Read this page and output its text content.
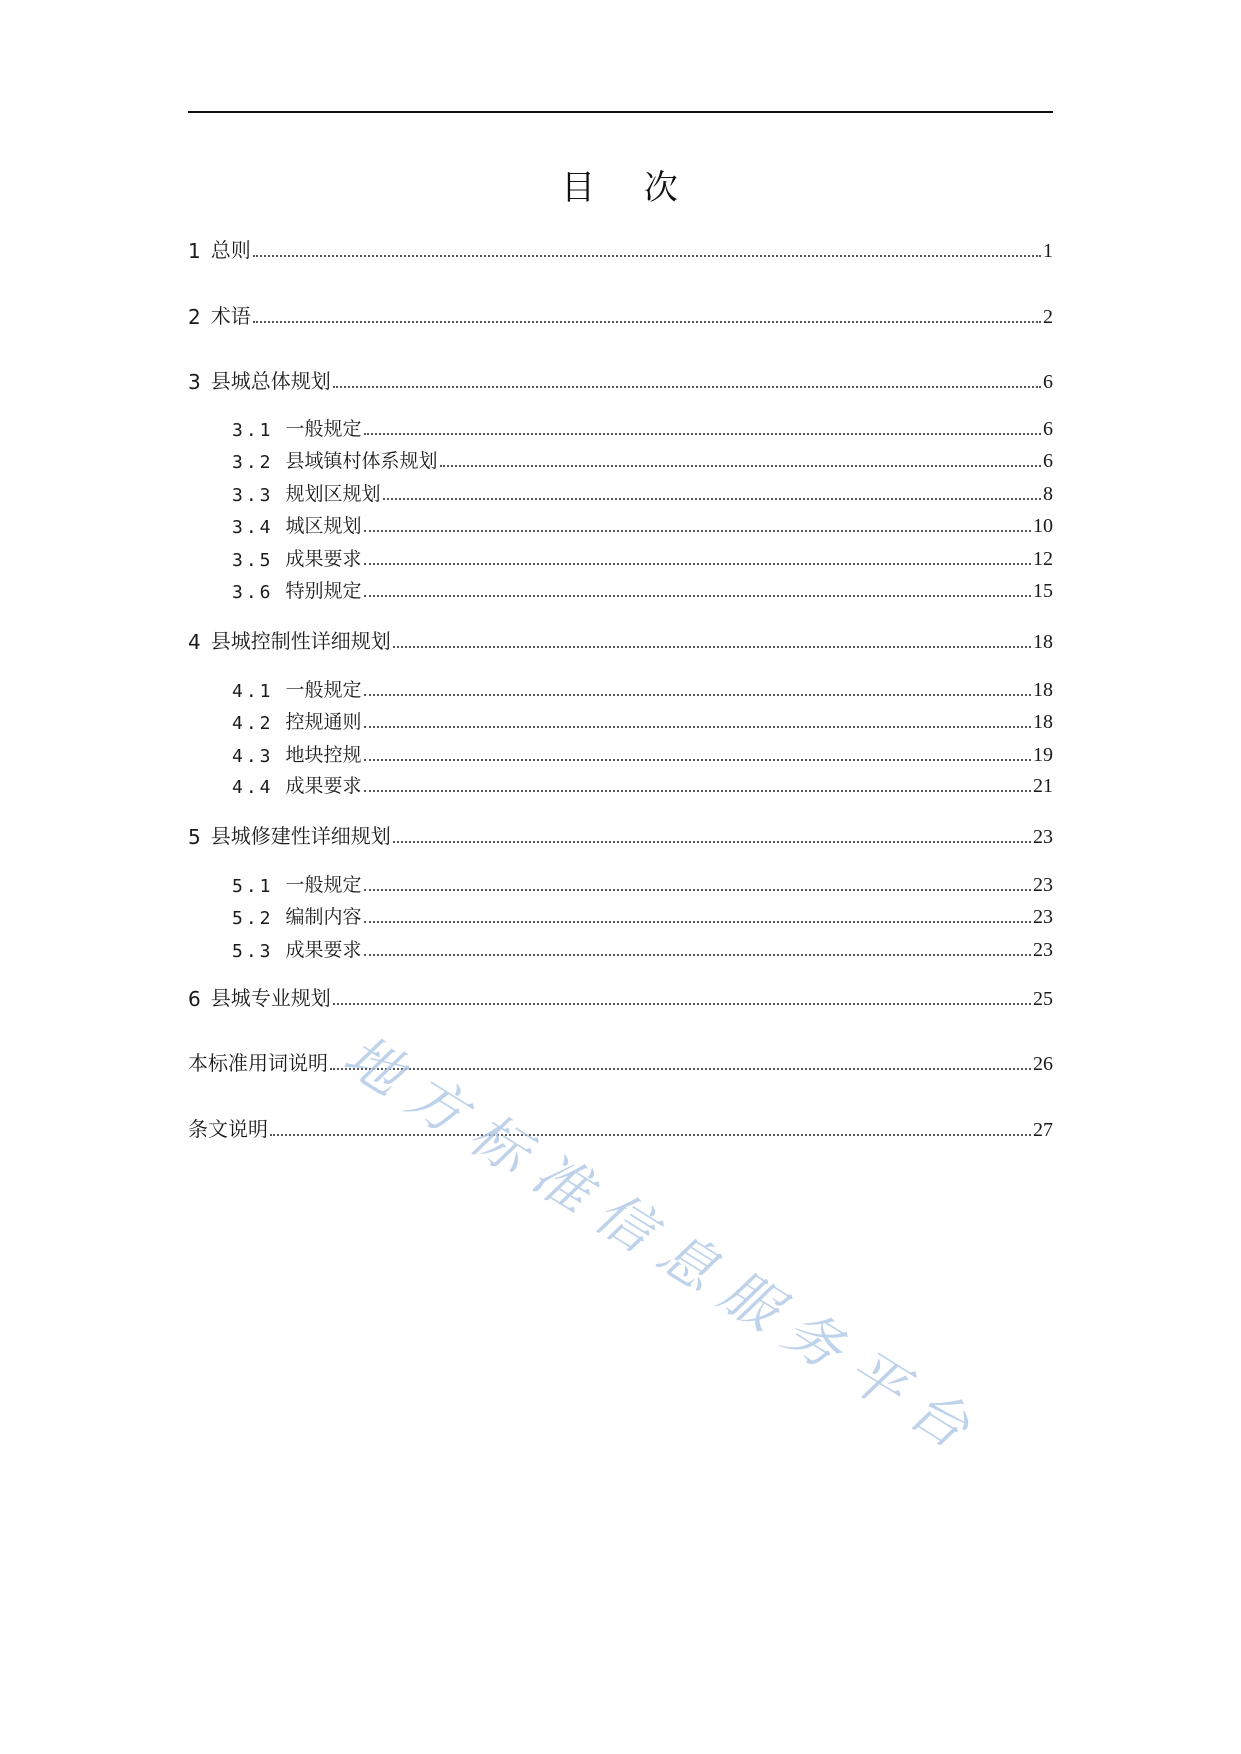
目 次
1 总则	1
2 术语	2
3 县城总体规划	6
3.1 一般规定	6
3.2 县域镇村体系规划	6
3.3 规划区规划	8
3.4 城区规划	10
3.5 成果要求	12
3.6 特别规定	15
4 县城控制性详细规划	18
4.1 一般规定	18
4.2 控规通则	18
4.3 地块控规	19
4.4 成果要求	21
5 县城修建性详细规划	23
5.1 一般规定	23
5.2 编制内容	23
5.3 成果要求	23
6 县城专业规划	25
本标准用词说明	26
条文说明	27
地方标准信息服务平台
